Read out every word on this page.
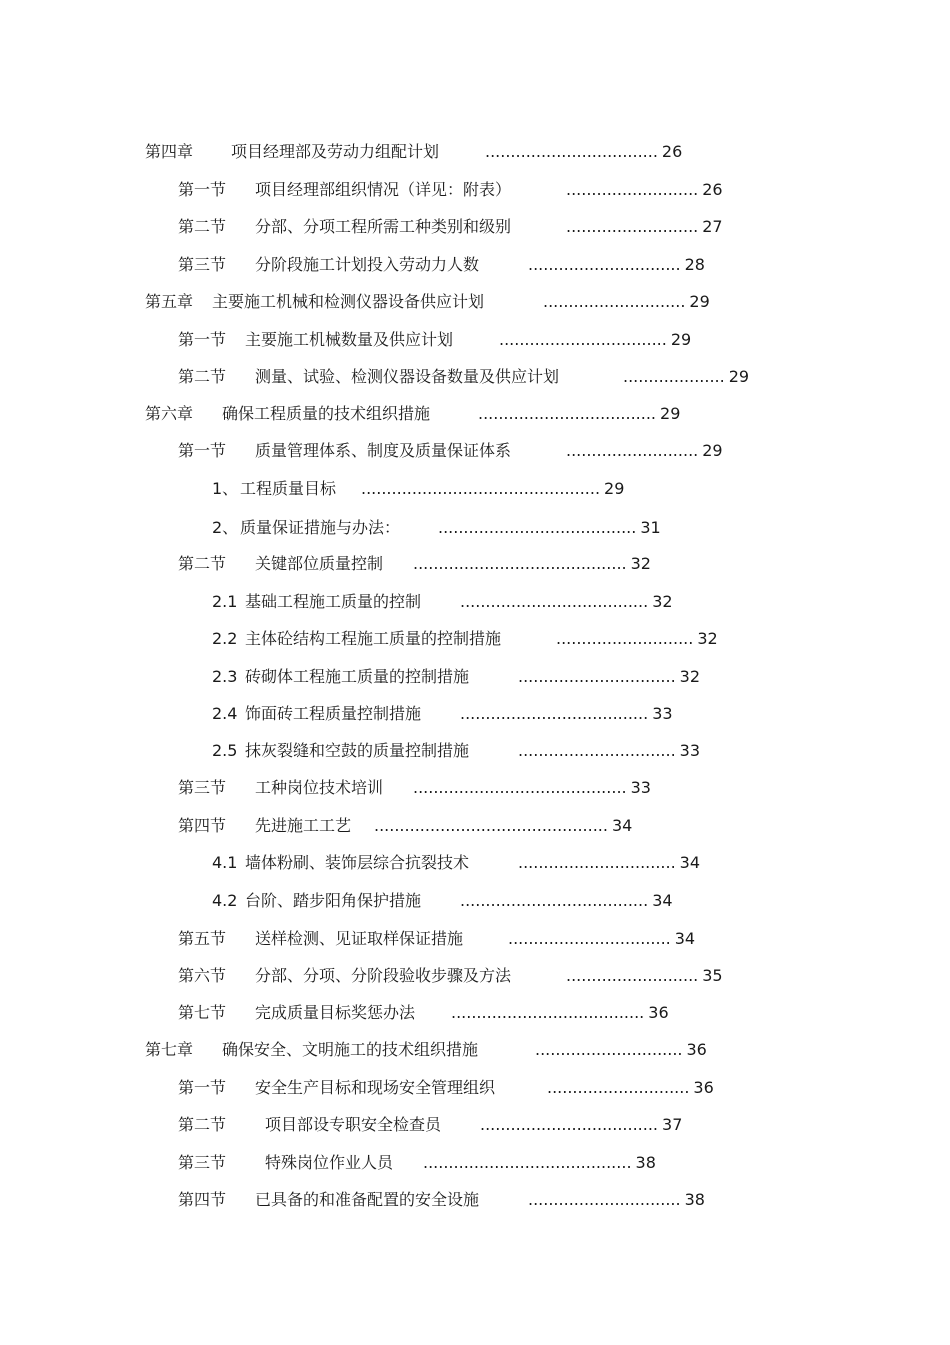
第四章 项目经理部及劳动力组配计划	.................................. 26
第一节 项目经理部组织情况（详见：附表）	.......................... 26
第二节 分部、分项工程所需工种类别和级别	.......................... 27
第三节 分阶段施工计划投入劳动力人数	.............................. 28
第五章 主要施工机械和检测仪器设备供应计划	............................ 29
第一节 主要施工机械数量及供应计划	................................. 29
第二节 测量、试验、检测仪器设备数量及供应计划	.................... 29
第六章 确保工程质量的技术组织措施	................................... 29
第一节 质量管理体系、制度及质量保证体系	.......................... 29
1、 工程质量目标 ............................................... 29
2、 质量保证措施与办法： ....................................... 31
第二节 关键部位质量控制 .......................................... 32
2.1 基础工程施工质量的控制 ..................................... 32
2.2 主体砼结构工程施工质量的控制措施	........................... 32
2.3 砖砌体工程施工质量的控制措施	............................... 32
2.4 饰面砖工程质量控制措施 ..................................... 33
2.5 抹灰裂缝和空鼓的质量控制措施	............................... 33
第三节 工种岗位技术培训 .......................................... 33
第四节 先进施工工艺 .............................................. 34
4.1 墙体粉刷、装饰层综合抗裂技术	............................... 34
4.2 台阶、踏步阳角保护措施 ..................................... 34
第五节 送样检测、见证取样保证措施	................................ 34
第六节 分部、分项、分阶段验收步骤及方法	.......................... 35
第七节 完成质量目标奖惩办法 ...................................... 36
第七章 确保安全、文明施工的技术组织措施	............................. 36
第一节 安全生产目标和现场安全管理组织	............................ 36
第二节 项目部设专职安全检查员 ................................... 37
第三节 特殊岗位作业人员 ......................................... 38
第四节 已具备的和准备配置的安全设施	.............................. 38
